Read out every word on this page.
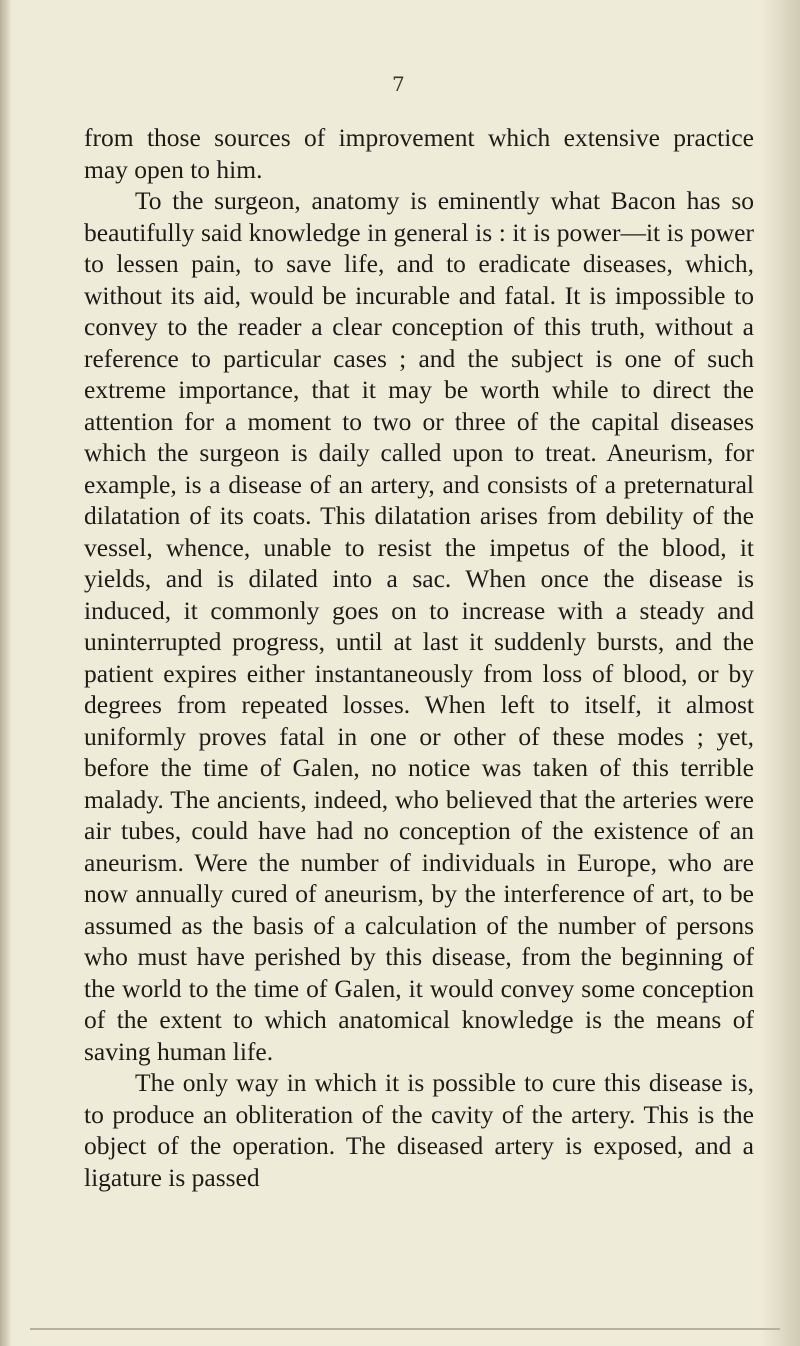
7

from those sources of improvement which extensive practice may open to him.

To the surgeon, anatomy is eminently what Bacon has so beautifully said knowledge in general is : it is power—it is power to lessen pain, to save life, and to eradicate diseases, which, without its aid, would be incurable and fatal. It is impossible to convey to the reader a clear conception of this truth, without a reference to particular cases ; and the subject is one of such extreme importance, that it may be worth while to direct the attention for a moment to two or three of the capital diseases which the surgeon is daily called upon to treat. Aneurism, for example, is a disease of an artery, and consists of a preternatural dilatation of its coats. This dilatation arises from debility of the vessel, whence, unable to resist the impetus of the blood, it yields, and is dilated into a sac. When once the disease is induced, it commonly goes on to increase with a steady and uninterrupted progress, until at last it suddenly bursts, and the patient expires either instantaneously from loss of blood, or by degrees from repeated losses. When left to itself, it almost uniformly proves fatal in one or other of these modes ; yet, before the time of Galen, no notice was taken of this terrible malady. The ancients, indeed, who believed that the arteries were air tubes, could have had no conception of the existence of an aneurism. Were the number of individuals in Europe, who are now annually cured of aneurism, by the interference of art, to be assumed as the basis of a calculation of the number of persons who must have perished by this disease, from the beginning of the world to the time of Galen, it would convey some conception of the extent to which anatomical knowledge is the means of saving human life.

The only way in which it is possible to cure this disease is, to produce an obliteration of the cavity of the artery. This is the object of the operation. The diseased artery is exposed, and a ligature is passed
